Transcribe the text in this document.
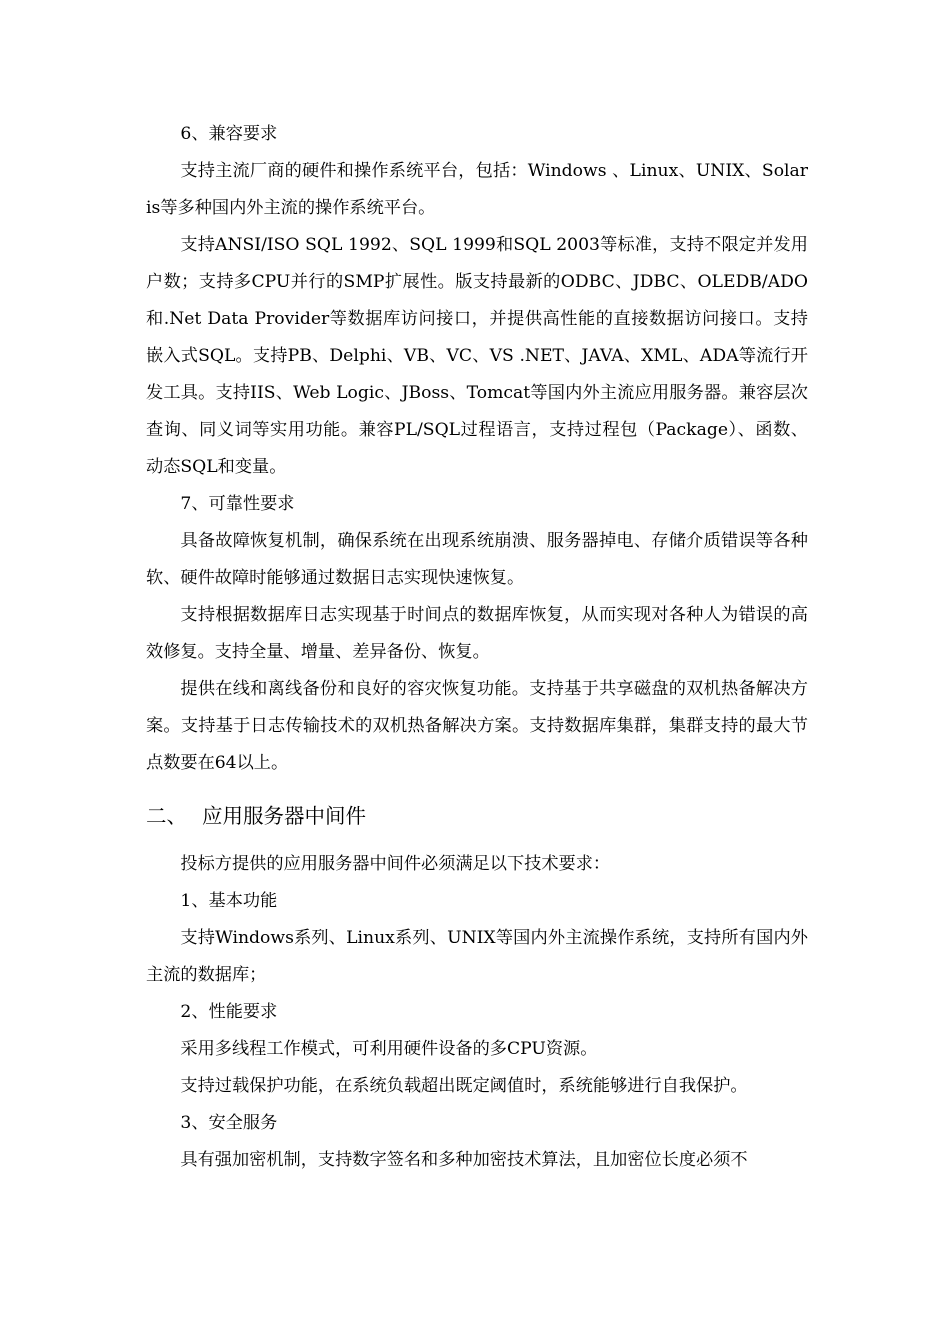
6、兼容要求

支持主流厂商的硬件和操作系统平台，包括：Windows 、Linux、UNIX、Solaris等多种国内外主流的操作系统平台。

支持ANSI/ISO SQL 1992、SQL 1999和SQL 2003等标准，支持不限定并发用户数；支持多CPU并行的SMP扩展性。版支持最新的ODBC、JDBC、OLEDB/ADO和.Net Data Provider等数据库访问接口，并提供高性能的直接数据访问接口。支持嵌入式SQL。支持PB、Delphi、VB、VC、VS .NET、JAVA、XML、ADA等流行开发工具。支持IIS、Web Logic、JBoss、Tomcat等国内外主流应用服务器。兼容层次查询、同义词等实用功能。兼容PL/SQL过程语言，支持过程包（Package）、函数、动态SQL和变量。

7、可靠性要求

具备故障恢复机制，确保系统在出现系统崩溃、服务器掉电、存储介质错误等各种软、硬件故障时能够通过数据日志实现快速恢复。

支持根据数据库日志实现基于时间点的数据库恢复，从而实现对各种人为错误的高效修复。支持全量、增量、差异备份、恢复。

提供在线和离线备份和良好的容灾恢复功能。支持基于共享磁盘的双机热备解决方案。支持基于日志传输技术的双机热备解决方案。支持数据库集群，集群支持的最大节点数要在64以上。

二、 应用服务器中间件

投标方提供的应用服务器中间件必须满足以下技术要求：

1、基本功能

支持Windows系列、Linux系列、UNIX等国内外主流操作系统，支持所有国内外主流的数据库；

2、性能要求

采用多线程工作模式，可利用硬件设备的多CPU资源。

支持过载保护功能，在系统负载超出既定阈值时，系统能够进行自我保护。

3、安全服务

具有强加密机制，支持数字签名和多种加密技术算法，且加密位长度必须不
